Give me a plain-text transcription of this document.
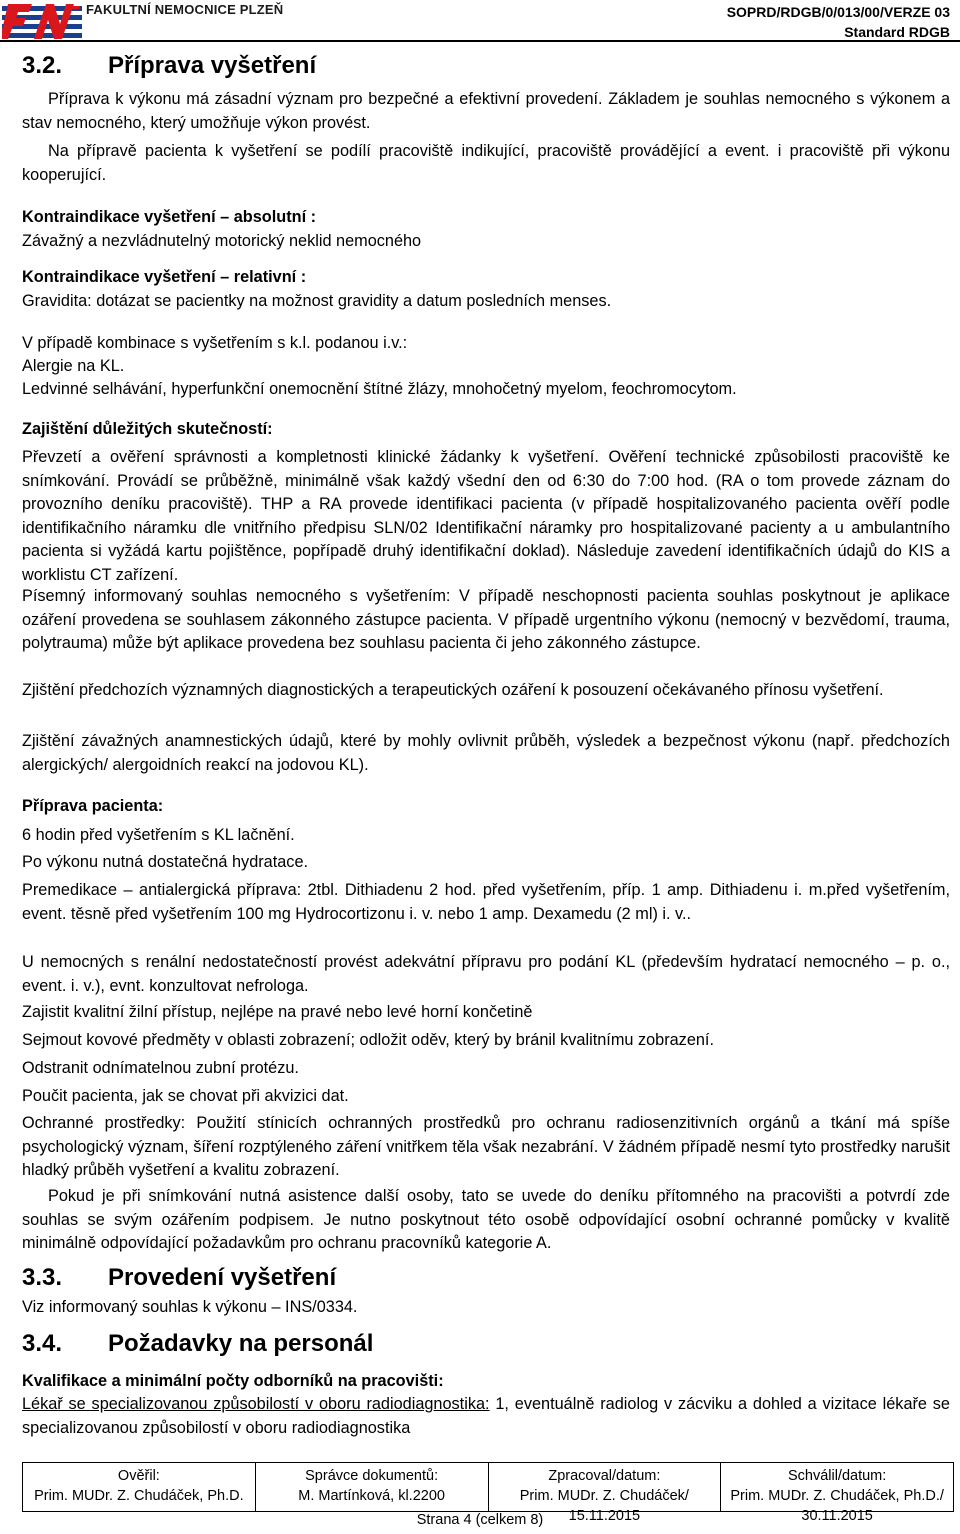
FAKULTNÍ NEMOCNICE PLZEŇ	SOPRD/RDGB/0/013/00/VERZE 03
Standard RDGB
3.2. Příprava vyšetření
Příprava k výkonu má zásadní význam pro bezpečné a efektivní provedení. Základem je souhlas nemocného s výkonem a stav nemocného, který umožňuje výkon provést.
Na přípravě pacienta k vyšetření se podílí pracoviště indikující, pracoviště provádějící a event. i pracoviště při výkonu kooperující.
Kontraindikace vyšetření – absolutní :
Závažný a nezvládnutelný motorický neklid nemocného
Kontraindikace vyšetření – relativní :
Gravidita: dotázat se pacientky na možnost gravidity a datum posledních menses.
V případě kombinace s vyšetřením s k.l. podanou i.v.:
Alergie na KL.
Ledvinné selhávání, hyperfunkční onemocnění štítné žlázy, mnohočetný myelom, feochromocytom.
Zajištění důležitých skutečností:
Převzetí a ověření správnosti a kompletnosti klinické žádanky k vyšetření. Ověření technické způsobilosti pracoviště ke snímkování. Provádí se průběžně, minimálně však každý všední den od 6:30 do 7:00 hod. (RA o tom provede záznam do provozního deníku pracoviště). THP a RA provede identifikaci pacienta (v případě hospitalizovaného pacienta ověří podle identifikačního náramku dle vnitřního předpisu SLN/02 Identifikační náramky pro hospitalizované pacienty a u ambulantního pacienta si vyžádá kartu pojištěnce, popřípadě druhý identifikační doklad). Následuje zavedení identifikačních údajů do KIS a worklistu CT zařízení.
Písemný informovaný souhlas nemocného s vyšetřením: V případě neschopnosti pacienta souhlas poskytnout je aplikace ozáření provedena se souhlasem zákonného zástupce pacienta. V případě urgentního výkonu (nemocný v bezvědomí, trauma, polytrauma) může být aplikace provedena bez souhlasu pacienta či jeho zákonného zástupce.
Zjištění předchozích významných diagnostických a terapeutických ozáření k posouzení očekávaného přínosu vyšetření.
Zjištění závažných anamnestických údajů, které by mohly ovlivnit průběh, výsledek a bezpečnost výkonu (např. předchozích alergických/ alergoidních reakcí na jodovou KL).
Příprava pacienta:
6 hodin před vyšetřením s KL lačnění.
Po výkonu nutná dostatečná hydratace.
Premedikace – antialergická příprava: 2tbl. Dithiadenu 2 hod. před vyšetřením, příp. 1 amp. Dithiadenu i. m.před vyšetřením, event. těsně před vyšetřením 100 mg Hydrocortizonu i. v. nebo 1 amp. Dexamedu (2 ml) i. v..
U nemocných s renální nedostatečností provést adekvátní přípravu pro podání KL (především hydratací nemocného – p. o., event. i. v.), evnt. konzultovat nefrologa.
Zajistit kvalitní žilní přístup, nejlépe na pravé nebo levé horní končetině
Sejmout kovové předměty v oblasti zobrazení; odložit oděv, který by bránil kvalitnímu zobrazení.
Odstranit odnímatelnou zubní protézu.
Poučit pacienta, jak se chovat při akvizici dat.
Ochranné prostředky: Použití stínicích ochranných prostředků pro ochranu radiosenzitivních orgánů a tkání má spíše psychologický význam, šíření rozptýleného záření vnitřkem těla však nezabrání. V žádném případě nesmí tyto prostředky narušit hladký průběh vyšetření a kvalitu zobrazení.
Pokud je při snímkování nutná asistence další osoby, tato se uvede do deníku přítomného na pracovišti a potvrdí zde souhlas se svým ozářením podpisem. Je nutno poskytnout této osobě odpovídající osobní ochranné pomůcky v kvalitě minimálně odpovídající požadavkům pro ochranu pracovníků kategorie A.
3.3. Provedení vyšetření
Viz informovaný souhlas k výkonu – INS/0334.
3.4. Požadavky na personál
Kvalifikace a minimální počty odborníků na pracovišti:
Lékař se specializovanou způsobilostí v oboru radiodiagnostika: 1, eventuálně radiolog v zácviku a dohled a vizitace lékaře se specializovanou způsobilostí v oboru radiodiagnostika
Ověřil:
Prim. MUDr. Z. Chudáček, Ph.D.
Správce dokumentů:
M. Martínková, kl.2200
Zpracoval/datum:
Prim. MUDr. Z. Chudáček/ 15.11.2015
Schválil/datum:
Prim. MUDr. Z. Chudáček, Ph.D./ 30.11.2015
Strana 4 (celkem 8)
